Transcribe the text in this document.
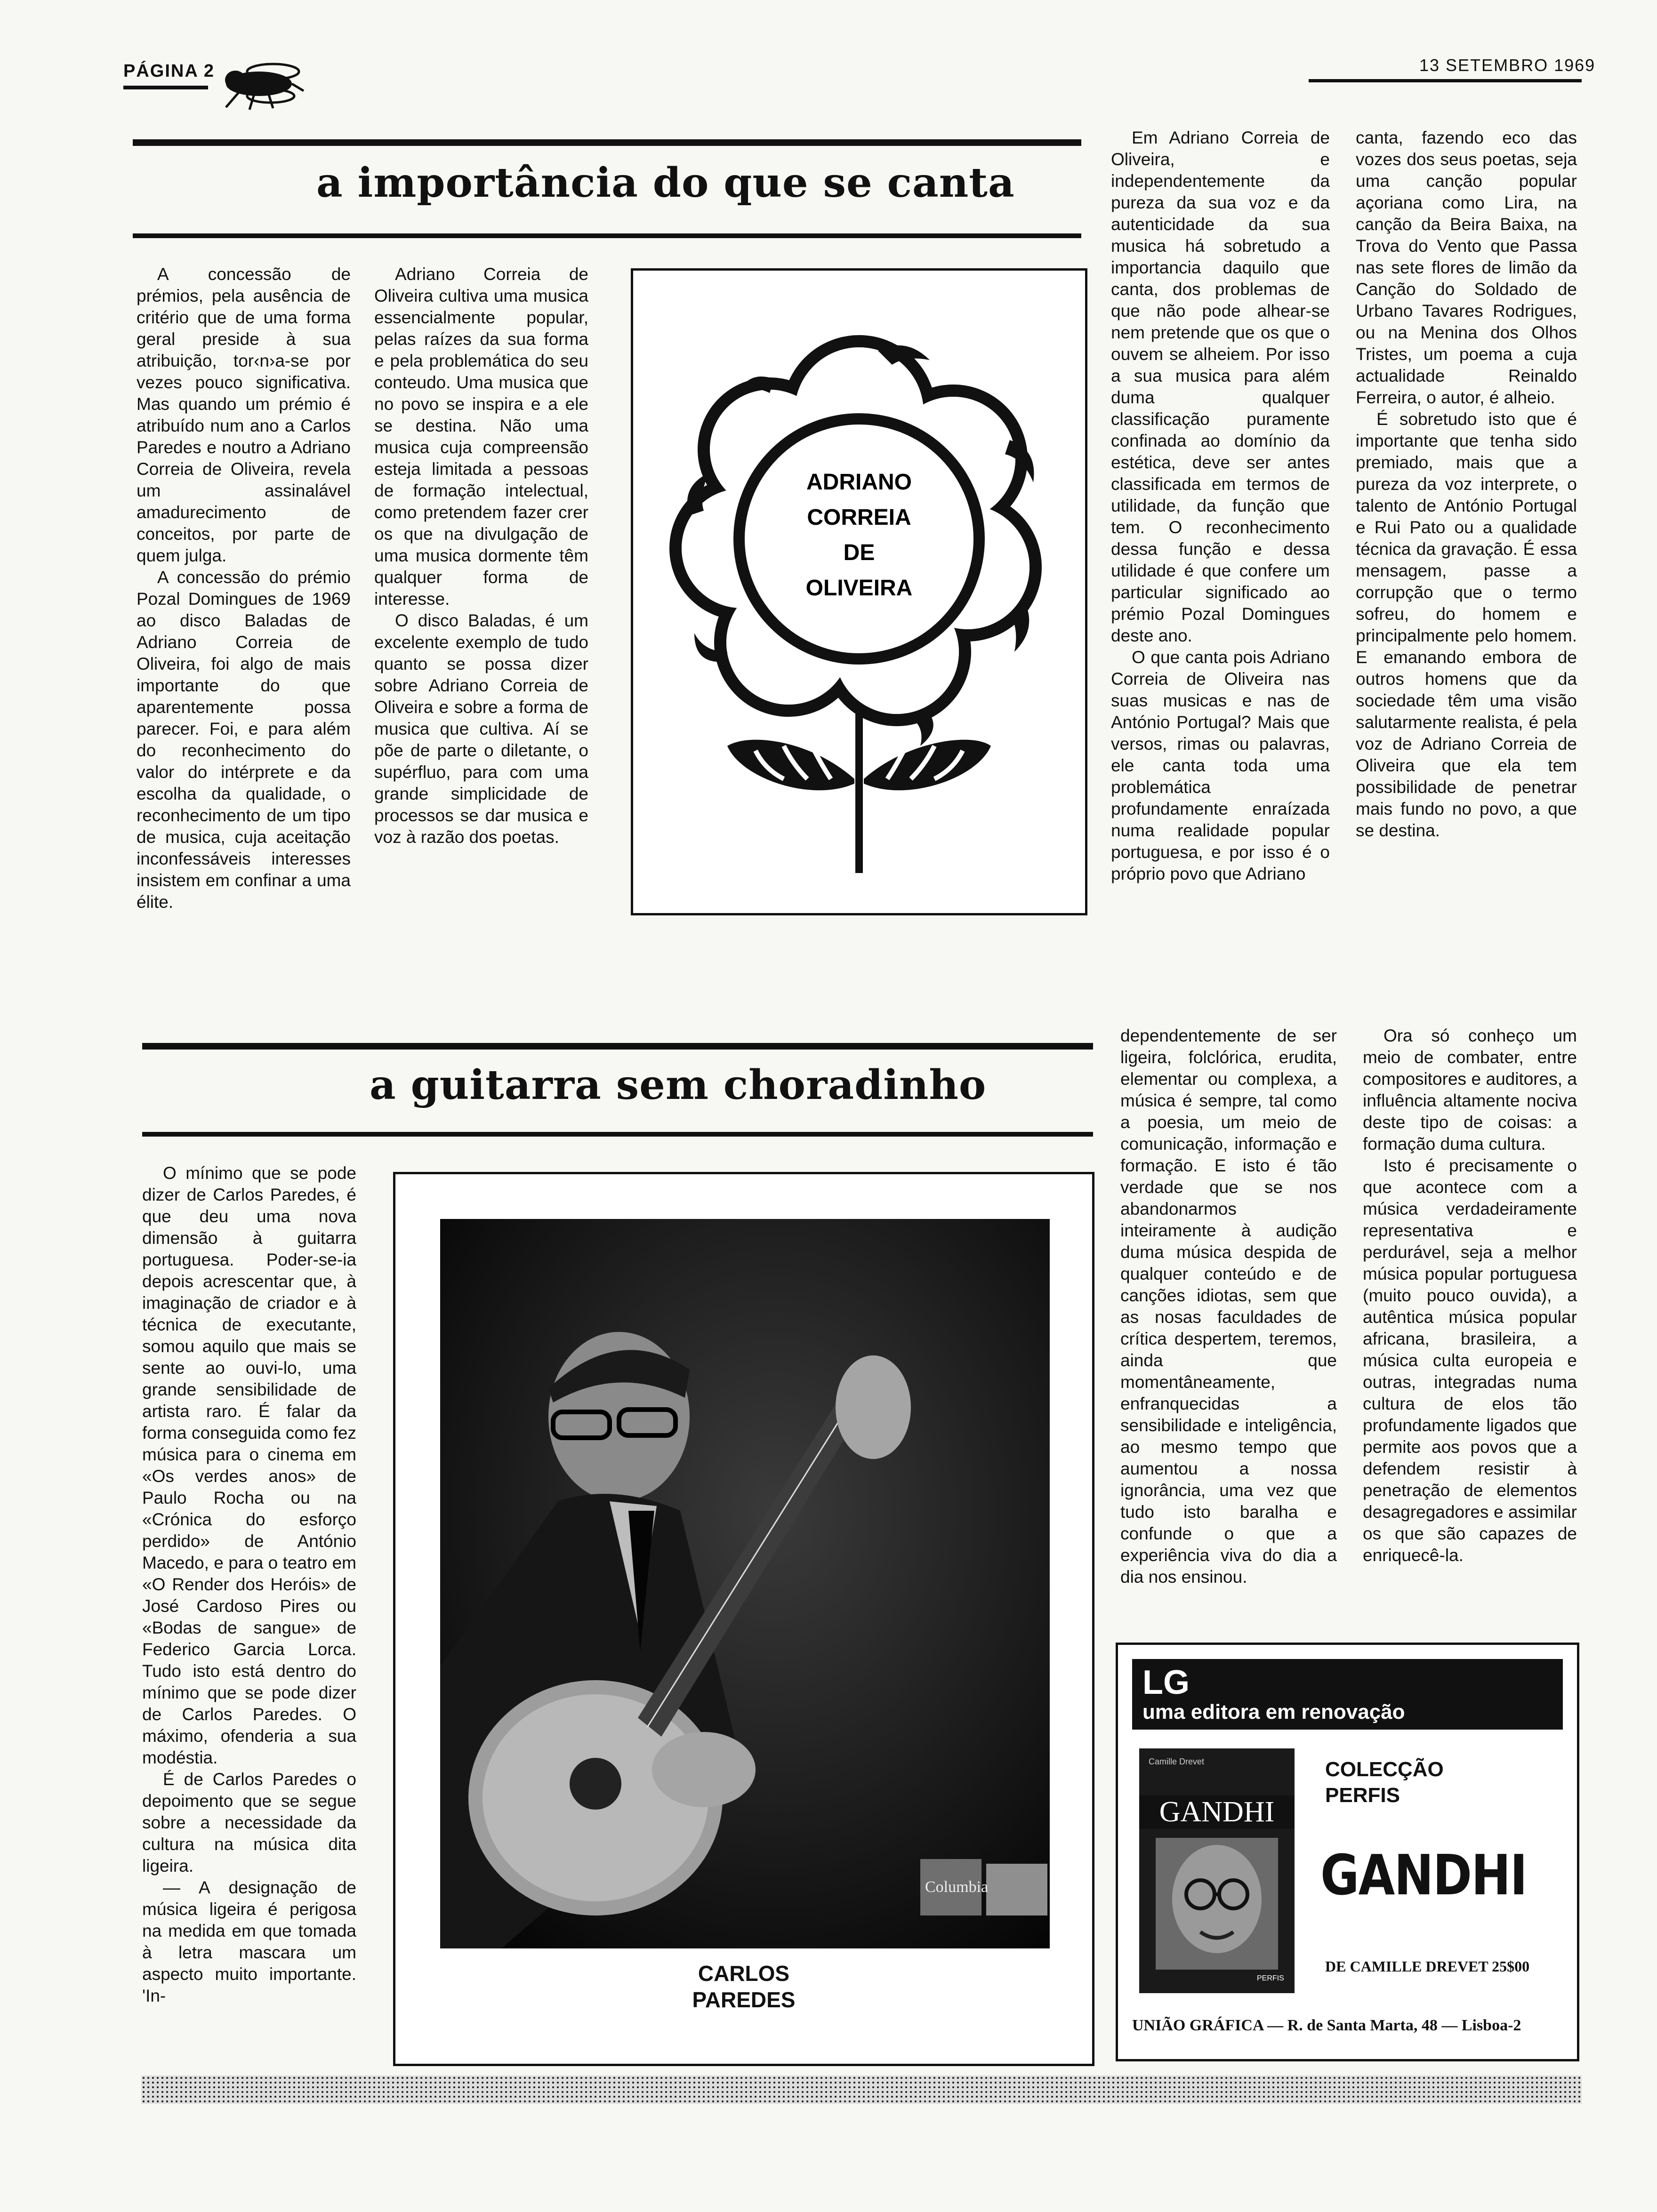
PÁGINA 2	13 SETEMBRO 1969
a importância do que se canta

A concessão de prémios, pela ausência de critério que de uma forma geral preside à sua atribuição, tor‹n›a-se por vezes pouco significativa. Mas quando um prémio é atribuído num ano a Carlos Paredes e noutro a Adriano Correia de Oliveira, revela um assinalável amadurecimento de conceitos, por parte de quem julga.

A concessão do prémio Pozal Domingues de 1969 ao disco Baladas de Adriano Correia de Oliveira, foi algo de mais importante do que aparentemente possa parecer. Foi, e para além do reconhecimento do valor do intérprete e da escolha da qualidade, o reconhecimento de um tipo de musica, cuja aceitação inconfessáveis interesses insistem em confinar a uma élite.

Adriano Correia de Oliveira cultiva uma musica essencialmente popular, pelas raízes da sua forma e pela problemática do seu conteudo. Uma musica que no povo se inspira e a ele se destina. Não uma musica cuja compreensão esteja limitada a pessoas de formação intelectual, como pretendem fazer crer os que na divulgação de uma musica dormente têm qualquer forma de interesse.

O disco Baladas, é um excelente exemplo de tudo quanto se possa dizer sobre Adriano Correia de Oliveira e sobre a forma de musica que cultiva. Aí se põe de parte o diletante, o supérfluo, para com uma grande simplicidade de processos se dar musica e voz à razão dos poetas.

ADRIANO
CORREIA
DE
OLIVEIRA

Em Adriano Correia de Oliveira, e independentemente da pureza da sua voz e da autenticidade da sua musica há sobretudo a importancia daquilo que canta, dos problemas de que não pode alhear-se nem pretende que os que o ouvem se alheiem. Por isso a sua musica para além duma qualquer classificação puramente confinada ao domínio da estética, deve ser antes classificada em termos de utilidade, da função que tem. O reconhecimento dessa função e dessa utilidade é que confere um particular significado ao prémio Pozal Domingues deste ano.

O que canta pois Adriano Correia de Oliveira nas suas musicas e nas de António Portugal? Mais que versos, rimas ou palavras, ele canta toda uma problemática profundamente enraízada numa realidade popular portuguesa, e por isso é o próprio povo que Adriano

canta, fazendo eco das vozes dos seus poetas, seja uma canção popular açoriana como Lira, na canção da Beira Baixa, na Trova do Vento que Passa nas sete flores de limão da Canção do Soldado de Urbano Tavares Rodrigues, ou na Menina dos Olhos Tristes, um poema a cuja actualidade Reinaldo Ferreira, o autor, é alheio.

É sobretudo isto que é importante que tenha sido premiado, mais que a pureza da voz interprete, o talento de António Portugal e Rui Pato ou a qualidade técnica da gravação. É essa mensagem, passe a corrupção que o termo sofreu, do homem e principalmente pelo homem. E emanando embora de outros homens que da sociedade têm uma visão salutarmente realista, é pela voz de Adriano Correia de Oliveira que ela tem possibilidade de penetrar mais fundo no povo, a que se destina.

a guitarra sem choradinho

O mínimo que se pode dizer de Carlos Paredes, é que deu uma nova dimensão à guitarra portuguesa. Poder-se-ia depois acrescentar que, à imaginação de criador e à técnica de executante, somou aquilo que mais se sente ao ouvi-lo, uma grande sensibilidade de artista raro. É falar da forma conseguida como fez música para o cinema em «Os verdes anos» de Paulo Rocha ou na «Crónica do esforço perdido» de António Macedo, e para o teatro em «O Render dos Heróis» de José Cardoso Pires ou «Bodas de sangue» de Federico Garcia Lorca. Tudo isto está dentro do mínimo que se pode dizer de Carlos Paredes. O máximo, ofenderia a sua modéstia.

É de Carlos Paredes o depoimento que se segue sobre a necessidade da cultura na música dita ligeira.

— A designação de música ligeira é perigosa na medida em que tomada à letra mascara um aspecto muito importante. 'In-

Columbia
CARLOS
PAREDES

dependentemente de ser ligeira, folclórica, erudita, elementar ou complexa, a música é sempre, tal como a poesia, um meio de comunicação, informação e formação. E isto é tão verdade que se nos abandonarmos inteiramente à audição duma música despida de qualquer conteúdo e de canções idiotas, sem que as nosas faculdades de crítica despertem, teremos, ainda que momentâneamente, enfranquecidas a sensibilidade e inteligência, ao mesmo tempo que aumentou a nossa ignorância, uma vez que tudo isto baralha e confunde o que a experiência viva do dia a dia nos ensinou.

Ora só conheço um meio de combater, entre compositores e auditores, a influência altamente nociva deste tipo de coisas: a formação duma cultura.

Isto é precisamente o que acontece com a música verdadeiramente representativa e perdurável, seja a melhor música popular portuguesa (muito pouco ouvida), a autêntica música popular africana, brasileira, a música culta europeia e outras, integradas numa cultura de elos tão profundamente ligados que permite aos povos que a defendem resistir à penetração de elementos desagregadores e assimilar os que são capazes de enriquecê-la.

LG
uma editora em renovação
Camille Drevet
GANDHI
PERFIS
COLECÇÃO
PERFIS
GANDHI
DE CAMILLE DREVET 25$00
UNIÃO GRÁFICA — R. de Santa Marta, 48 — Lisboa-2
